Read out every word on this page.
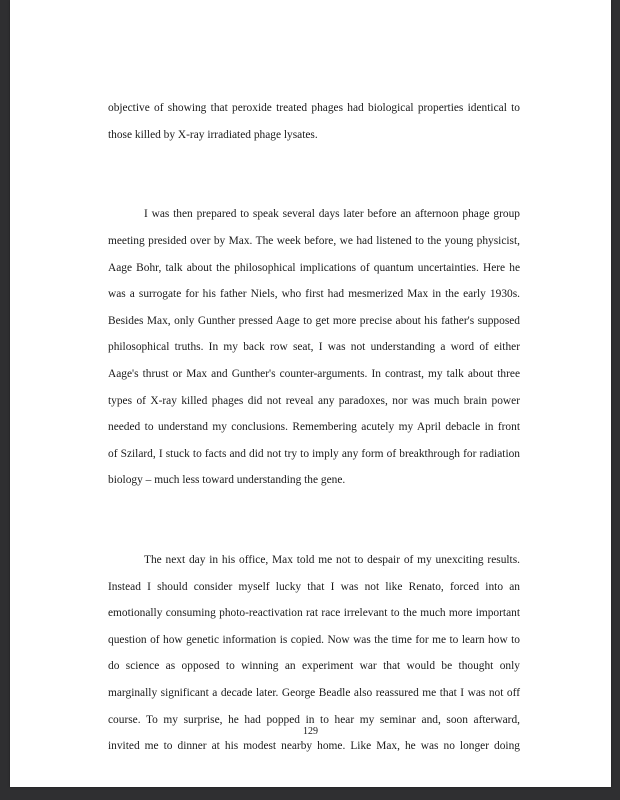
objective of showing that peroxide treated phages had biological properties identical to
those killed by X-ray irradiated phage lysates.

I was then prepared to speak several days later before an afternoon phage group
meeting presided over by Max. The week before, we had listened to the young physicist,
Aage Bohr, talk about the philosophical implications of quantum uncertainties. Here he
was a surrogate for his father Niels, who first had mesmerized Max in the early 1930s.
Besides Max, only Gunther pressed Aage to get more precise about his father's supposed
philosophical truths. In my back row seat, I was not understanding a word of either
Aage's thrust or Max and Gunther's counter-arguments. In contrast, my talk about three
types of X-ray killed phages did not reveal any paradoxes, nor was much brain power
needed to understand my conclusions. Remembering acutely my April debacle in front
of Szilard, I stuck to facts and did not try to imply any form of breakthrough for radiation
biology – much less toward understanding the gene.

The next day in his office, Max told me not to despair of my unexciting results.
Instead I should consider myself lucky that I was not like Renato, forced into an
emotionally consuming photo-reactivation rat race irrelevant to the much more important
question of how genetic information is copied. Now was the time for me to learn how to
do science as opposed to winning an experiment war that would be thought only
marginally significant a decade later. George Beadle also reassured me that I was not off
course. To my surprise, he had popped in to hear my seminar and, soon afterward,
invited me to dinner at his modest nearby home. Like Max, he was no longer doing

129
